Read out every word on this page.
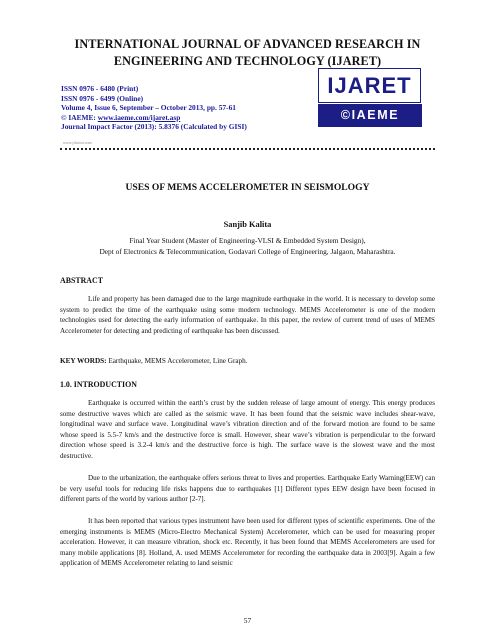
INTERNATIONAL JOURNAL OF ADVANCED RESEARCH IN ENGINEERING AND TECHNOLOGY (IJARET)
ISSN 0976 - 6480 (Print)
ISSN 0976 - 6499 (Online)
Volume 4, Issue 6, September – October 2013, pp. 57-61
© IAEME: www.iaeme.com/ijaret.asp
Journal Impact Factor (2013): 5.8376 (Calculated by GISI)
IJARET
©IAEME
www.jifactor.com
USES OF MEMS ACCELEROMETER IN SEISMOLOGY
Sanjib Kalita
Final Year Student (Master of Engineering-VLSI & Embedded System Design),
Dept of Electronics & Telecommunication, Godavari College of Engineering, Jalgaon, Maharashtra.
ABSTRACT

Life and property has been damaged due to the large magnitude earthquake in the world. It is necessary to develop some system to predict the time of the earthquake using some modern technology. MEMS Accelerometer is one of the modern technologies used for detecting the early information of earthquake. In this paper, the review of current trend of uses of MEMS Accelerometer for detecting and predicting of earthquake has been discussed.

KEY WORDS: Earthquake, MEMS Accelerometer, Line Graph.
1.0. INTRODUCTION

Earthquake is occurred within the earth’s crust by the sudden release of large amount of energy. This energy produces some destructive waves which are called as the seismic wave. It has been found that the seismic wave includes shear-wave, longitudinal wave and surface wave. Longitudinal wave’s vibration direction and of the forward motion are found to be same whose speed is 5.5-7 km/s and the destructive force is small. However, shear wave’s vibration is perpendicular to the forward direction whose speed is 3.2-4 km/s and the destructive force is high. The surface wave is the slowest wave and the most destructive.

Due to the urbanization, the earthquake offers serious threat to lives and properties. Earthquake Early Warning(EEW) can be very useful tools for reducing life risks happens due to earthquakes [1] Different types EEW design have been focused in different parts of the world by various author [2-7].

It has been reported that various types instrument have been used for different types of scientific experiments. One of the emerging instruments is MEMS (Micro-Electro Mechanical System) Accelerometer, which can be used for measuring proper acceleration. However, it can measure vibration, shock etc. Recently, it has been found that MEMS Accelerometers are used for many mobile applications [8]. Holland, A. used MEMS Accelerometer for recording the earthquake data in 2003[9]. Again a few application of MEMS Accelerometer relating to land seismic

57
